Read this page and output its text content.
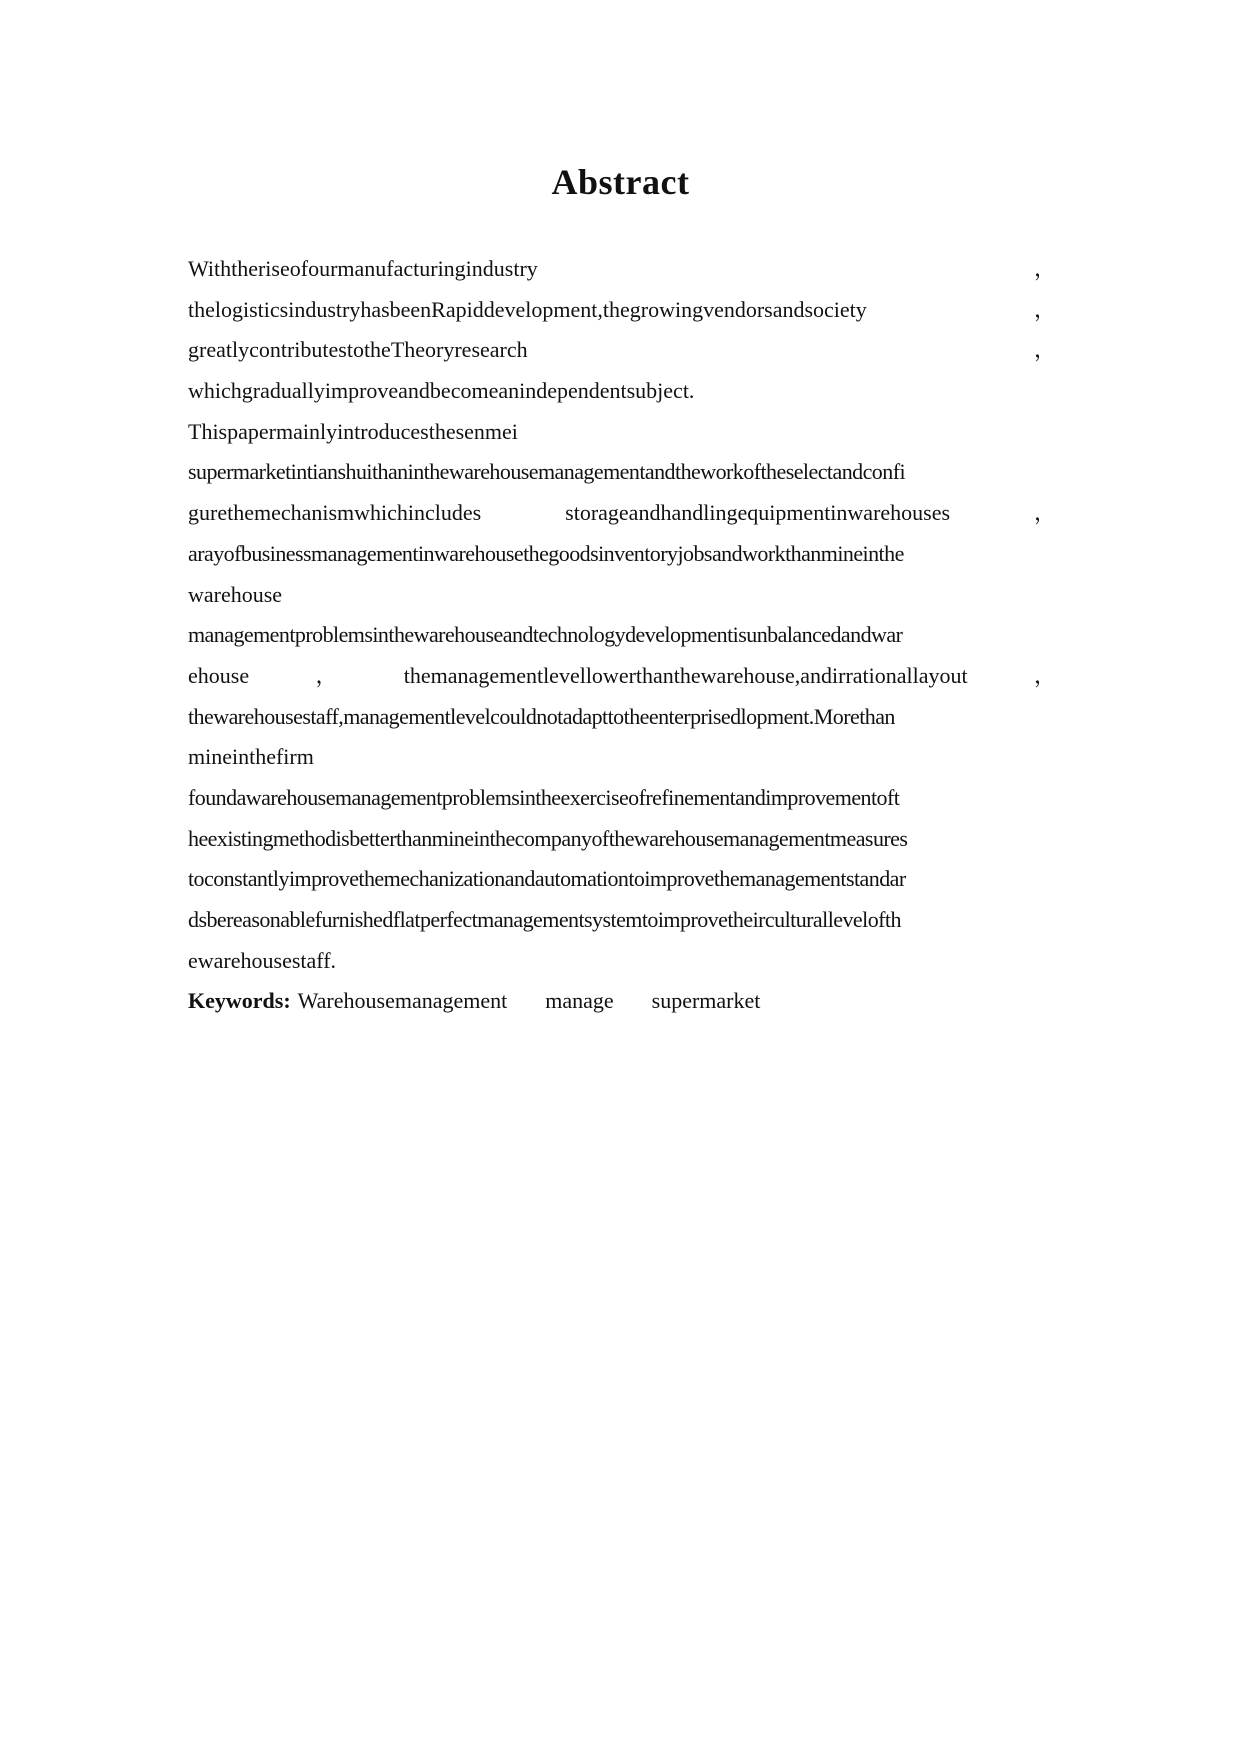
Abstract
Withtheriseofourmanufacturingindustry	，
thelogisticsindustryhasbeenRapiddevelopment,thegrowingvendorsandsociety	，
greatlycontributestotheTheoryresearch	，
whichgraduallyimproveandbecomeanindependentsubject.
Thispapermainlyintroducesthesenmei
supermarketintianshuithaninthewarehousemanagementandtheworkoftheselectandconfi
gurethemechanismwhichincludes	storageandhandlingequipmentinwarehouses	，
arayofbusinessmanagementinwarehousethegoodsinventoryjobsandworkthanmineinthe
warehouse
managementproblemsinthewarehouseandtechnologydevelopmentisunbalancedandwar
ehouse	，	themanagementlevellowerthanthewarehouse,andirrationallayout	，
thewarehousestaff,managementlevelcouldnotadapttotheenterprisedlopment.Morethan
mineinthefirm
foundawarehousemanagementproblemsintheexerciseofrefinementandimprovementoft
heexistingmethodisbetterthanmineinthecompanyofthewarehousemanagementmeasures
toconstantlyimprovethemechanizationandautomationtoimprovethemanagementstandar
dsbereasonablefurnishedflatperfectmanagementsystemtoimprovetheirculturallevelofth
ewarehousestaff.
Keywords: Warehousemanagement manage supermarket
